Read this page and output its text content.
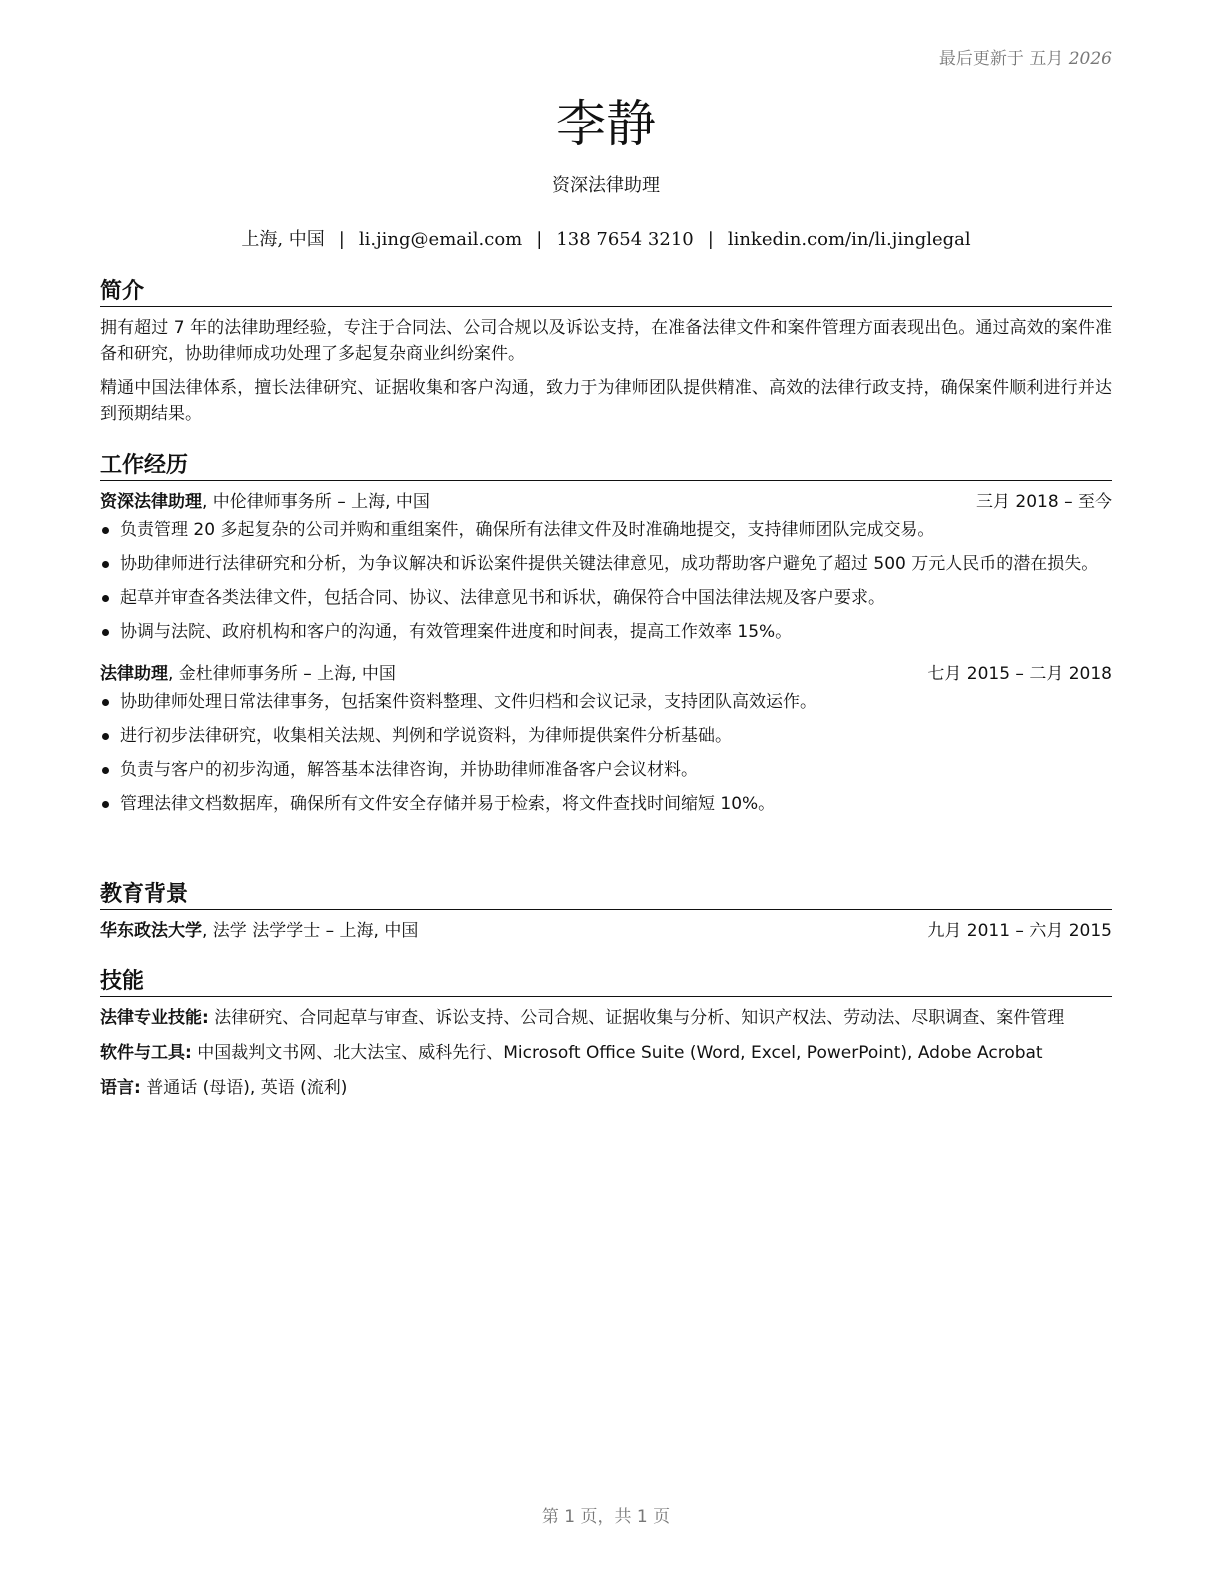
最后更新于 五月 2026
李静
资深法律助理
上海, 中国 | li.jing@email.com | 138 7654 3210 | linkedin.com/in/li.jinglegal
简介

拥有超过 7 年的法律助理经验，专注于合同法、公司合规以及诉讼支持，在准备法律文件和案件管理方面表现出色。通过高效的案件准备和研究，协助律师成功处理了多起复杂商业纠纷案件。

精通中国法律体系，擅长法律研究、证据收集和客户沟通，致力于为律师团队提供精准、高效的法律行政支持，确保案件顺利进行并达到预期结果。

工作经历
资深法律助理, 中伦律师事务所 – 上海, 中国	三月 2018 – 至今
负责管理 20 多起复杂的公司并购和重组案件，确保所有法律文件及时准确地提交，支持律师团队完成交易。
协助律师进行法律研究和分析，为争议解决和诉讼案件提供关键法律意见，成功帮助客户避免了超过 500 万元人民币的潜在损失。
起草并审查各类法律文件，包括合同、协议、法律意见书和诉状，确保符合中国法律法规及客户要求。
协调与法院、政府机构和客户的沟通，有效管理案件进度和时间表，提高工作效率 15%。
法律助理, 金杜律师事务所 – 上海, 中国	七月 2015 – 二月 2018
协助律师处理日常法律事务，包括案件资料整理、文件归档和会议记录，支持团队高效运作。
进行初步法律研究，收集相关法规、判例和学说资料，为律师提供案件分析基础。
负责与客户的初步沟通，解答基本法律咨询，并协助律师准备客户会议材料。
管理法律文档数据库，确保所有文件安全存储并易于检索，将文件查找时间缩短 10%。
教育背景
华东政法大学, 法学 法学学士 – 上海, 中国	九月 2011 – 六月 2015
技能
法律专业技能: 法律研究、合同起草与审查、诉讼支持、公司合规、证据收集与分析、知识产权法、劳动法、尽职调查、案件管理
软件与工具: 中国裁判文书网、北大法宝、威科先行、Microsoft Office Suite (Word, Excel, PowerPoint), Adobe Acrobat
语言: 普通话 (母语), 英语 (流利)
第 1 页，共 1 页
